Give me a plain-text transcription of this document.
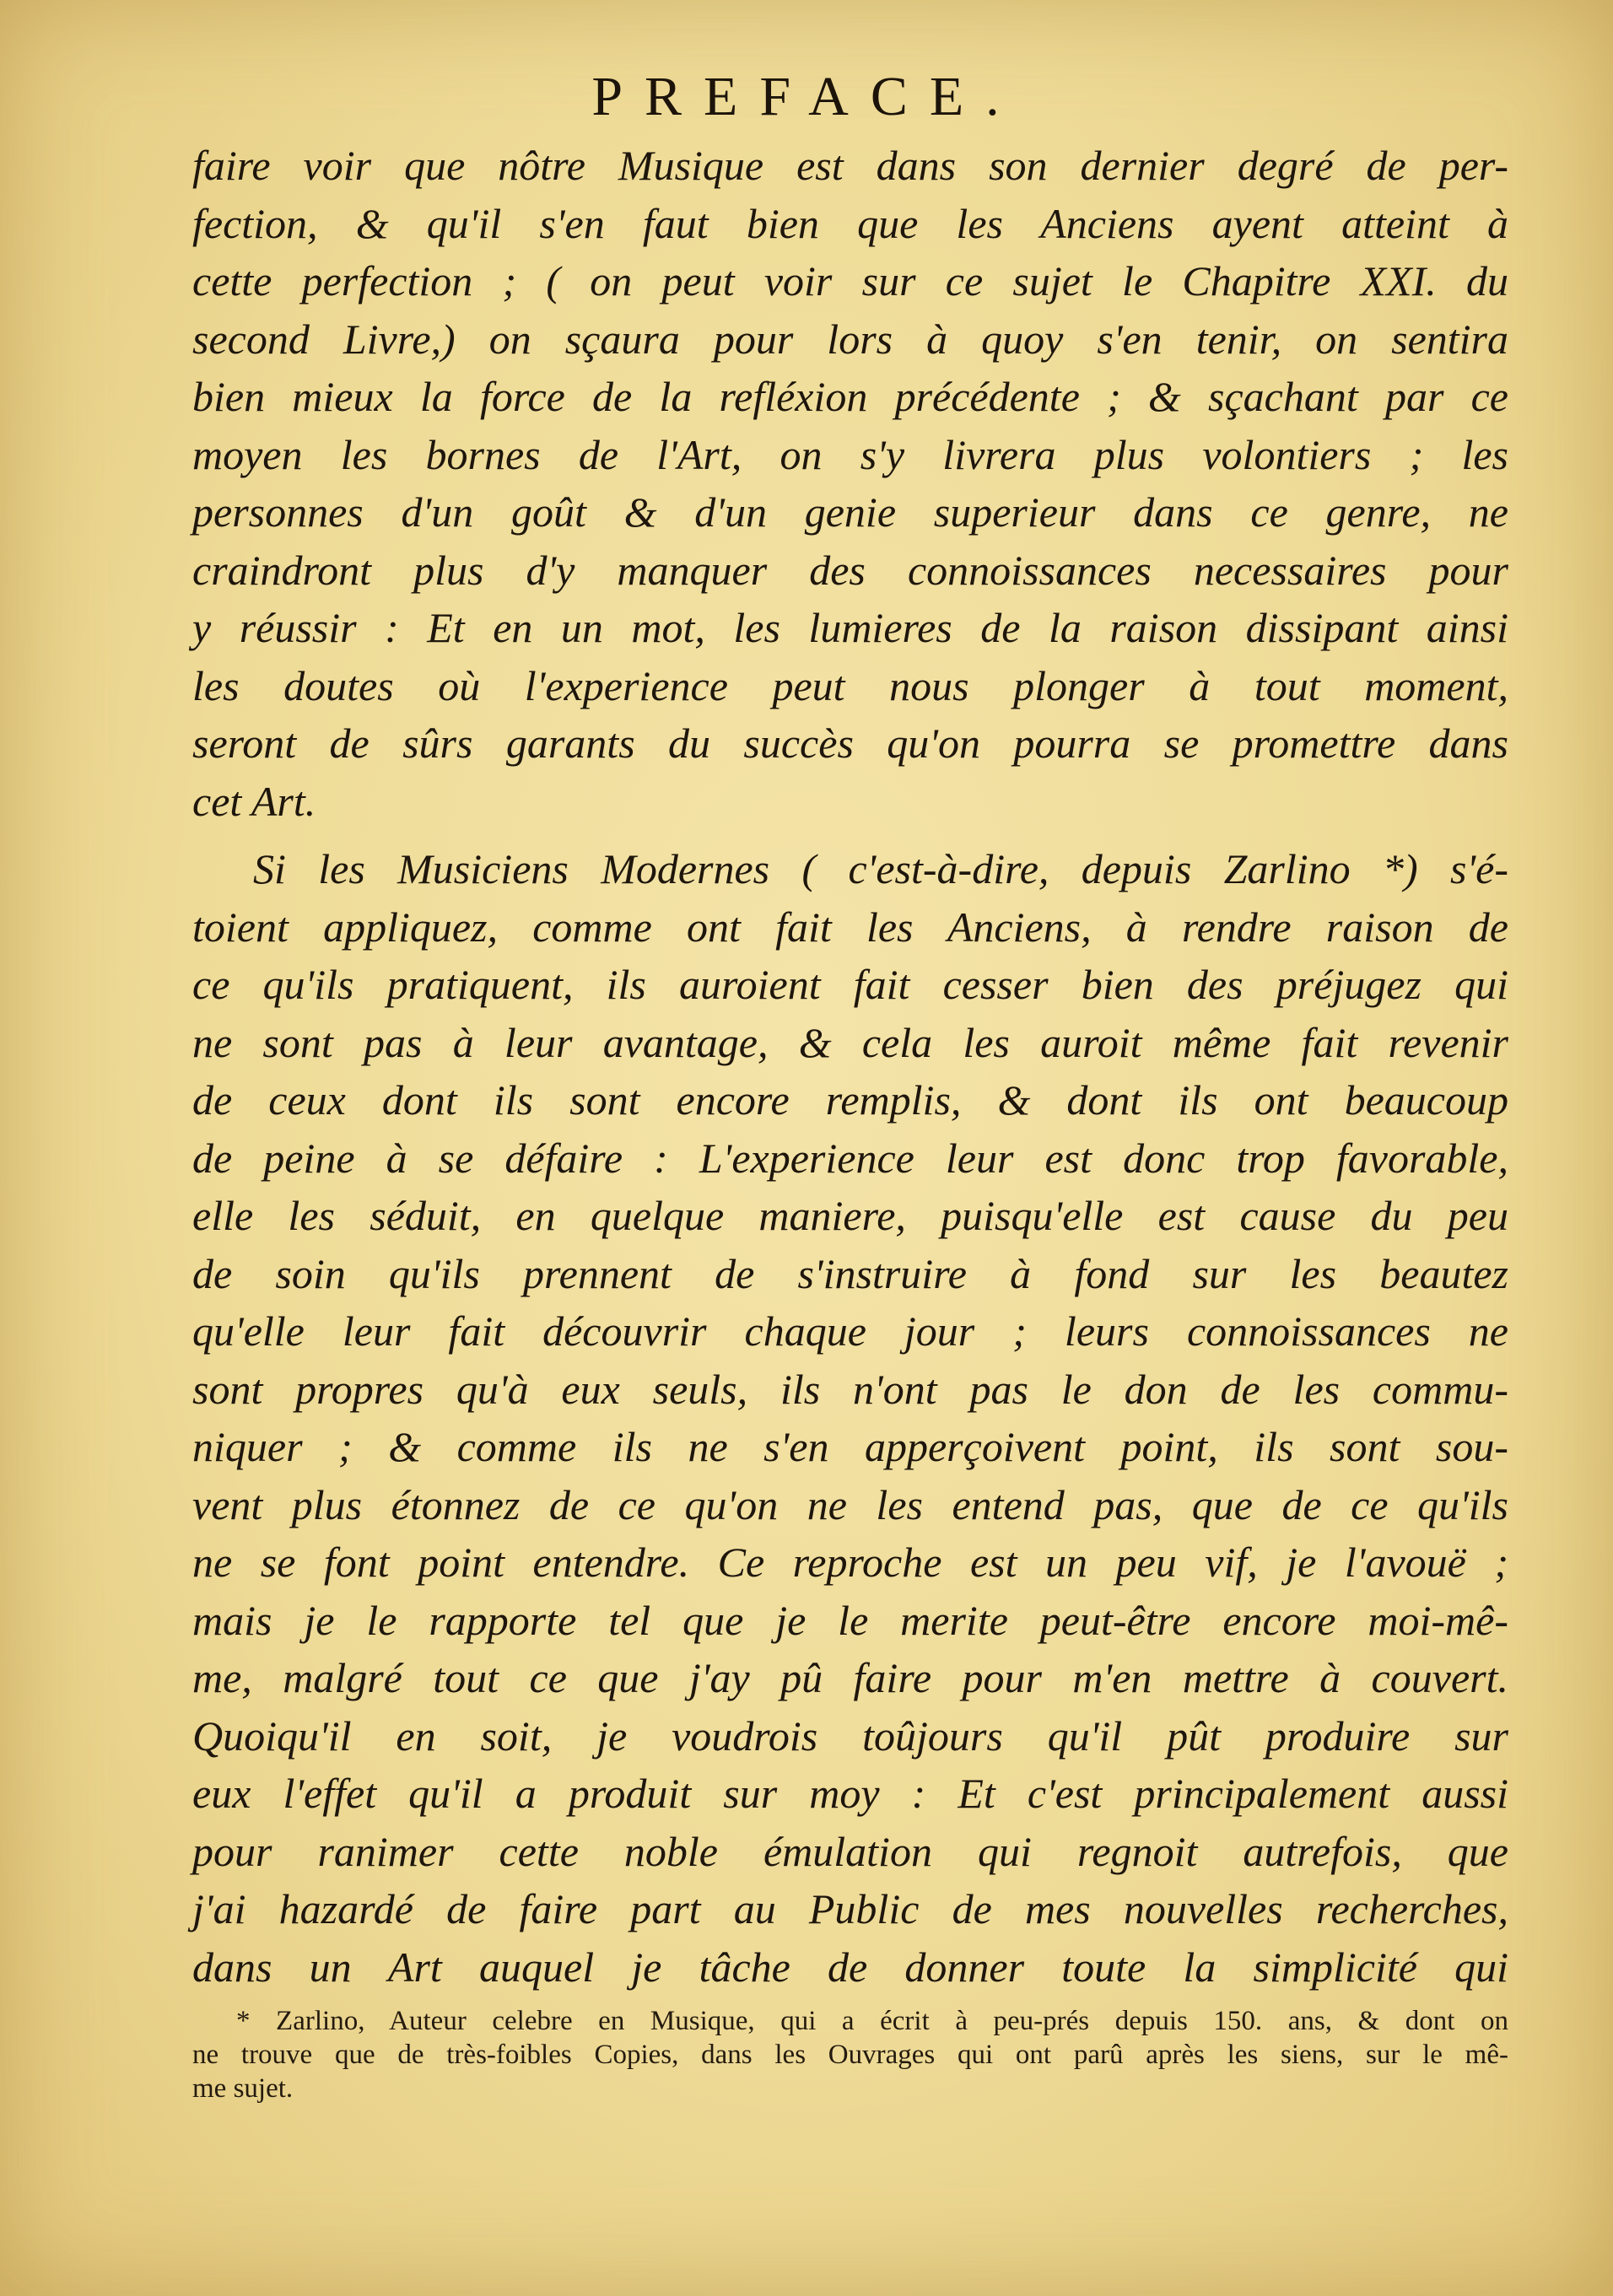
PREFACE.

faire voir que nôtre Musique est dans son dernier degré de per-
fection, & qu'il s'en faut bien que les Anciens ayent atteint à
cette perfection ; ( on peut voir sur ce sujet le Chapitre XXI. du
second Livre,) on sçaura pour lors à quoy s'en tenir, on sentira
bien mieux la force de la refléxion précédente ; & sçachant par ce
moyen les bornes de l'Art, on s'y livrera plus volontiers ; les
personnes d'un goût & d'un genie superieur dans ce genre, ne
craindront plus d'y manquer des connoissances necessaires pour
y réussir : Et en un mot, les lumieres de la raison dissipant ainsi
les doutes où l'experience peut nous plonger à tout moment,
seront de sûrs garants du succès qu'on pourra se promettre dans
cet Art.

Si les Musiciens Modernes ( c'est-à-dire, depuis Zarlino *) s'é-
toient appliquez, comme ont fait les Anciens, à rendre raison de
ce qu'ils pratiquent, ils auroient fait cesser bien des préjugez qui
ne sont pas à leur avantage, & cela les auroit même fait revenir
de ceux dont ils sont encore remplis, & dont ils ont beaucoup
de peine à se défaire : L'experience leur est donc trop favorable,
elle les séduit, en quelque maniere, puisqu'elle est cause du peu
de soin qu'ils prennent de s'instruire à fond sur les beautez
qu'elle leur fait découvrir chaque jour ; leurs connoissances ne
sont propres qu'à eux seuls, ils n'ont pas le don de les commu-
niquer ; & comme ils ne s'en apperçoivent point, ils sont sou-
vent plus étonnez de ce qu'on ne les entend pas, que de ce qu'ils
ne se font point entendre. Ce reproche est un peu vif, je l'avouë ;
mais je le rapporte tel que je le merite peut-être encore moi-mê-
me, malgré tout ce que j'ay pû faire pour m'en mettre à couvert.
Quoiqu'il en soit, je voudrois toûjours qu'il pût produire sur
eux l'effet qu'il a produit sur moy : Et c'est principalement aussi
pour ranimer cette noble émulation qui regnoit autrefois, que
j'ai hazardé de faire part au Public de mes nouvelles recherches,
dans un Art auquel je tâche de donner toute la simplicité qui

* Zarlino, Auteur celebre en Musique, qui a écrit à peu-prés depuis 150. ans, & dont on
ne trouve que de très-foibles Copies, dans les Ouvrages qui ont parû après les siens, sur le mê-
me sujet.
